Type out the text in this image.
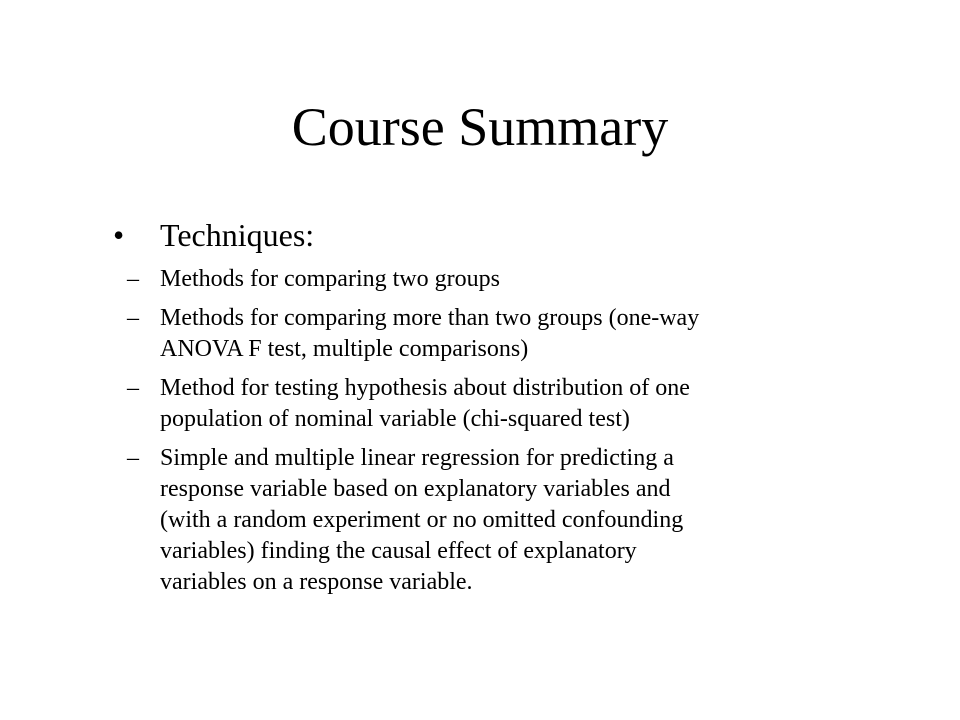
Course Summary
•	Techniques:
– Methods for comparing two groups
– Methods for comparing more than two groups (one-way
ANOVA F test, multiple comparisons)
– Method for testing hypothesis about distribution of one
population of nominal variable (chi-squared test)
– Simple and multiple linear regression for predicting a
response variable based on explanatory variables and
(with a random experiment or no omitted confounding
variables) finding the causal effect of explanatory
variables on a response variable.
